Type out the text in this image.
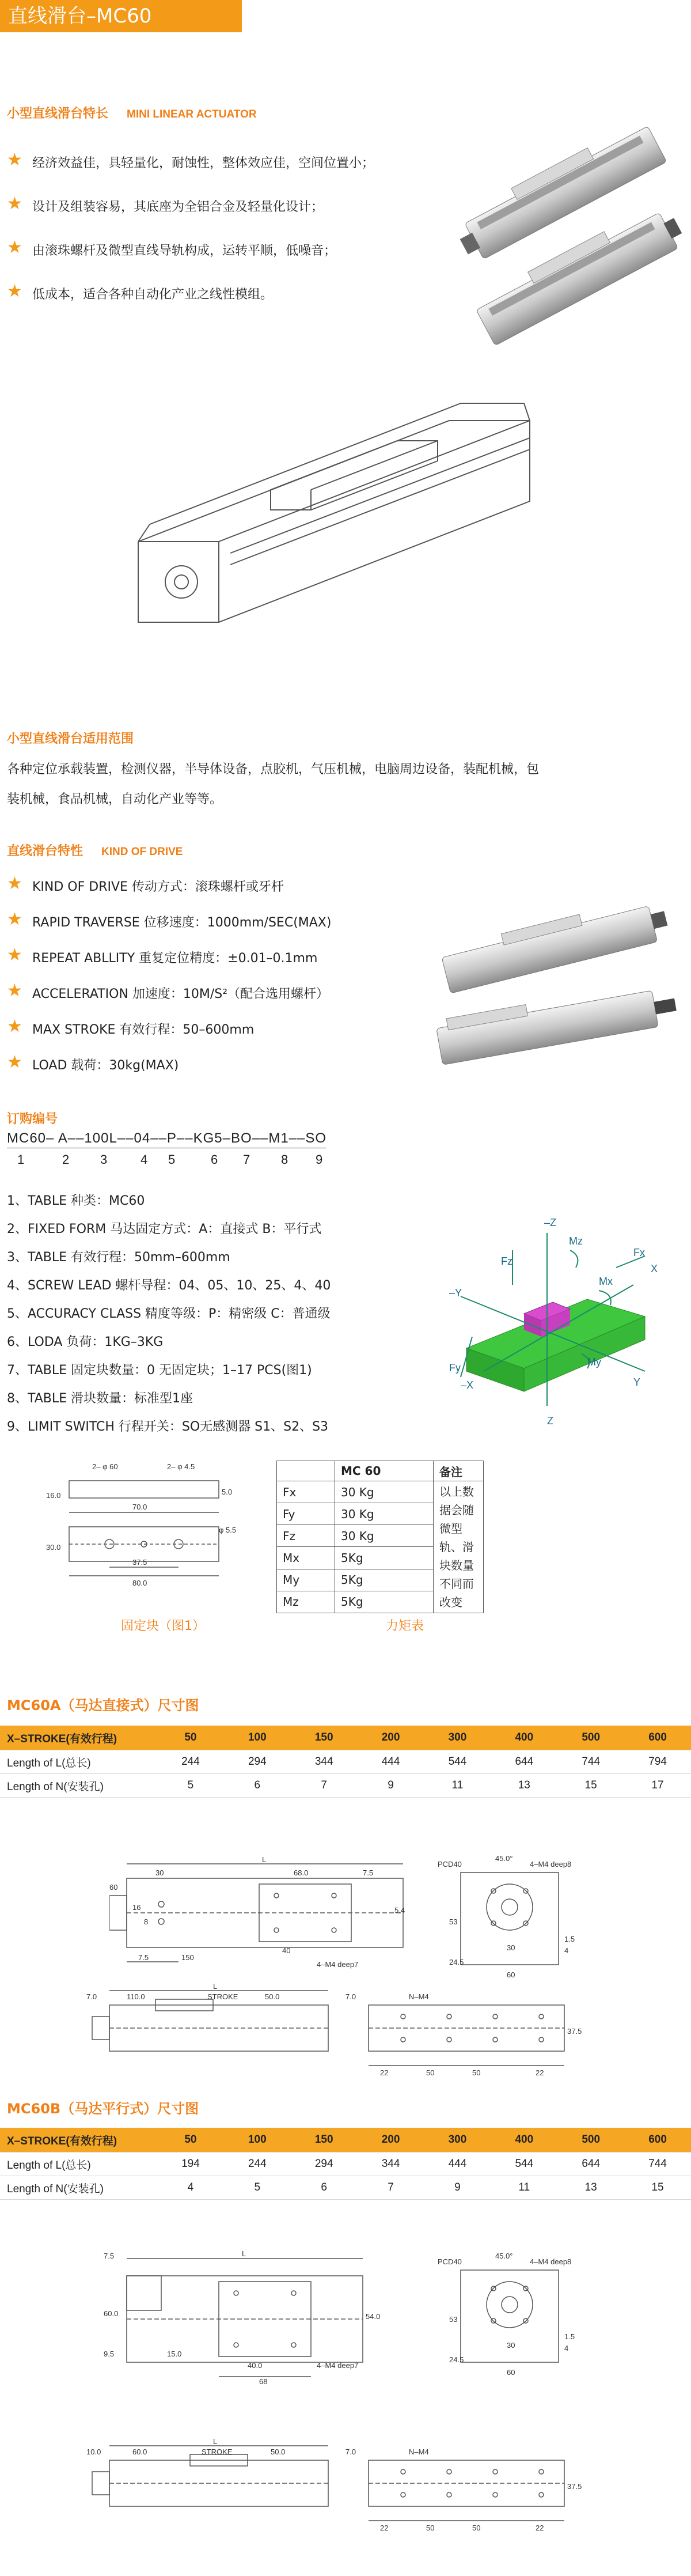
直线滑台–MC60
小型直线滑台特长 MINI LINEAR ACTUATOR
★ 经济效益佳，具轻量化，耐蚀性，整体效应佳，空间位置小；
★ 设计及组装容易，其底座为全铝合金及轻量化设计；
★ 由滚珠螺杆及微型直线导轨构成，运转平顺，低噪音；
★ 低成本，适合各种自动化产业之线性模组。
小型直线滑台适用范围
各种定位承载装置，检测仪器，半导体设备，点胶机，气压机械，电脑周边设备，装配机械，包
装机械，食品机械，自动化产业等等。
直线滑台特性 KIND OF DRIVE
★ KIND OF DRIVE 传动方式：滚珠螺杆或牙杆
★ RAPID TRAVERSE 位移速度：1000mm/SEC(MAX)
★ REPEAT ABLLITY 重复定位精度：±0.01–0.1mm
★ ACCELERATION 加速度：10M/S²（配合选用螺杆）
★ MAX STROKE 有效行程：50–600mm
★ LOAD 载荷：30kg(MAX)
订购编号
MC60– A––100L––04––P––KG5–BO––M1––SO
1	2 3	4 5	6 7 8 9
1、TABLE 种类：MC60
2、FIXED FORM 马达固定方式：A：直接式 B：平行式
3、TABLE 有效行程：50mm–600mm
4、SCREW LEAD 螺杆导程：04、05、10、25、4、40
5、ACCURACY CLASS 精度等级：P：精密级 C：普通级
6、LODA 负荷：1KG–3KG
7、TABLE 固定块数量：0 无固定块；1–17 PCS(图1)
8、TABLE 滑块数量：标准型1座
9、LIMIT SWITCH 行程开关：SO无感测器 S1、S2、S3
–Z
Fz
Mz
Mx
Fx
X
–Y
My
Fy
–X	Y
Z
2– φ 60	2– φ 4.5
70.0
16.0	5.0
30.0
37.5
80.0
φ 5.5
	MC 60	备注
Fx	30 Kg	以上数据会随微型轨、滑块数量不同而改变
Fy	30 Kg	
Fz	30 Kg	
Mx	5Kg	
My	5Kg	
Mz	5Kg	
固定块（图1）	力矩表
MC60A（马达直接式）尺寸图
X–STROKE(有效行程)	50	100	150	200	300	400	500	600
Length of L(总长)	244	294	344	444	544	644	744	794
Length of N(安装孔)	5	6	7	9	11	13	15	17
L
30	68.0	7.5
7.5	150
40
60
16	5.4
8
4–M4 deep7
PCD40
45.0°
4–M4 deep8
53
30
60
24.5
4
1.5
7.0	110.0	STROKE	50.0
L
7.0	N–M4
22	50	50	22
37.5
MC60B（马达平行式）尺寸图
X–STROKE(有效行程)	50	100	150	200	300	400	500	600
Length of L(总长)	194	244	294	344	444	544	644	744
Length of N(安装孔)	4	5	6	7	9	11	13	15
7.5	L
60.0	54.0
9.5	15.0
40.0
68
4–M4 deep7
PCD40
45.0°
4–M4 deep8
53
30
60
24.5
4
1.5
10.0	60.0	STROKE	50.0
L
7.0	N–M4
22	50	50	22
37.5
